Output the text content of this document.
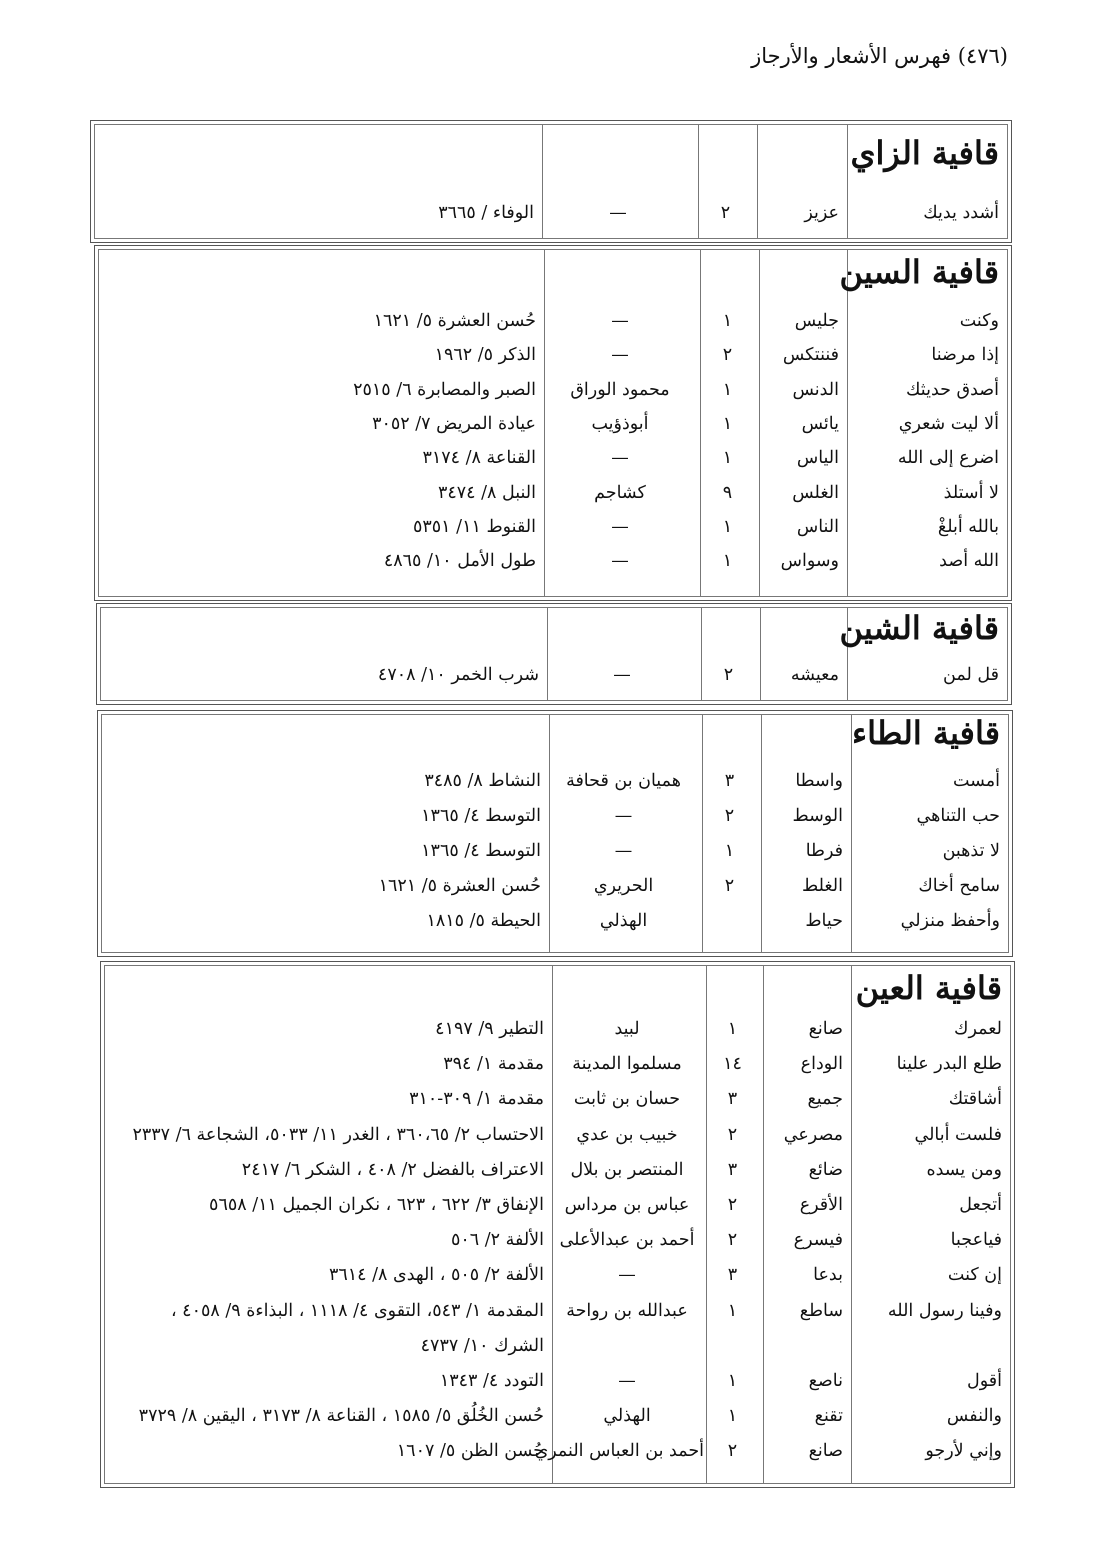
(٤٧٦) فهرس الأشعار والأرجاز
قافية الزاي
أشدد يديك
عزيز
٢
—
الوفاء / ٣٦٦٥
قافية السين
وكنت
جليس
١
—
حُسن العشرة ٥/ ١٦٢١
إذا مرضنا
فننتكس
٢
—
الذكر ٥/ ١٩٦٢
أصدق حديثك
الدنس
١
محمود الوراق
الصبر والمصابرة ٦/ ٢٥١٥
ألا ليت شعري
يائس
١
أبوذؤيب
عيادة المريض ٧/ ٣٠٥٢
اضرع إلى الله
الياس
١
—
القناعة ٨/ ٣١٧٤
لا أستلذ
الغلس
٩
كشاجم
النبل ٨/ ٣٤٧٤
بالله أبلغْ
الناس
١
—
القنوط ١١/ ٥٣٥١
الله أصد
وسواس
١
—
طول الأمل ١٠/ ٤٨٦٥
قافية الشين
قل لمن
معيشه
٢
—
شرب الخمر ١٠/ ٤٧٠٨
قافية الطاء
أمست
واسطا
٣
هميان بن قحافة
النشاط ٨/ ٣٤٨٥
حب التناهي
الوسط
٢
—
التوسط ٤/ ١٣٦٥
لا تذهبن
فرطا
١
—
التوسط ٤/ ١٣٦٥
سامح أخاك
الغلط
٢
الحريري
حُسن العشرة ٥/ ١٦٢١
وأحفظ منزلي
حياط
الهذلي
الحيطة ٥/ ١٨١٥
قافية العين
لعمرك
صانع
١
لبيد
التطير ٩/ ٤١٩٧
طلع البدر علينا
الوداع
١٤
مسلموا المدينة
مقدمة ١/ ٣٩٤
أشاقتك
جميع
٣
حسان بن ثابت
مقدمة ١/ ٣٠٩-٣١٠
فلست أبالي
مصرعي
٢
خبيب بن عدي
الاحتساب ٢/ ٣٦٠،٦٥ ، الغدر ١١/ ٥٠٣٣، الشجاعة ٦/ ٢٣٣٧
ومن يسده
ضائع
٣
المنتصر بن بلال
الاعتراف بالفضل ٢/ ٤٠٨ ، الشكر ٦/ ٢٤١٧
أتجعل
الأقرع
٢
عباس بن مرداس
الإنفاق ٣/ ٦٢٢ ، ٦٢٣ ، نكران الجميل ١١/ ٥٦٥٨
فياعجبا
فيسرع
٢
أحمد بن عبدالأعلى
الألفة ٢/ ٥٠٦
إن كنت
بدعا
٣
—
الألفة ٢/ ٥٠٥ ، الهدى ٨/ ٣٦١٤
وفينا رسول الله
ساطع
١
عبدالله بن رواحة
المقدمة ١/ ٥٤٣، التقوى ٤/ ١١١٨ ، البذاءة ٩/ ٤٠٥٨ ،
الشرك ١٠/ ٤٧٣٧
أقول
ناصع
١
—
التودد ٤/ ١٣٤٣
والنفس
تقنع
١
الهذلي
حُسن الخُلُق ٥/ ١٥٨٥ ، القناعة ٨/ ٣١٧٣ ، اليقين ٨/ ٣٧٢٩
وإني لأرجو
صانع
٢
أحمد بن العباس النمري
حُسن الظن ٥/ ١٦٠٧
